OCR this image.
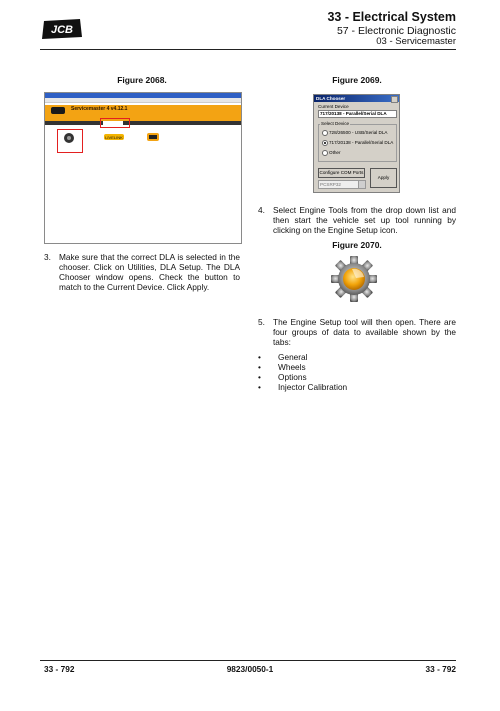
JCB
33 - Electrical System
57 - Electronic Diagnostic
03 - Servicemaster
Figure 2068.
Servicemaster 4 v4.12.1
LIVELINK
3. Make sure that the correct DLA is selected in the chooser. Click on Utilities, DLA Setup. The DLA Chooser window opens. Check the button to match to the Current Device. Click Apply.
Figure 2069.
DLA Chooser
Current Device
717/20138 - Parallel/Serial DLA
Select Device
728/26500 - USB/Serial DLA
717/20138 - Parallel/Serial DLA
Other
Configure COM Ports
Apply
PCSRP32
4. Select Engine Tools from the drop down list and then start the vehicle set up tool running by clicking on the Engine Setup icon.
Figure 2070.
5. The Engine Setup tool will then open. There are four groups of data to available shown by the tabs:
• General
• Wheels
• Options
• Injector Calibration
33 - 792	9823/0050-1	33 - 792
